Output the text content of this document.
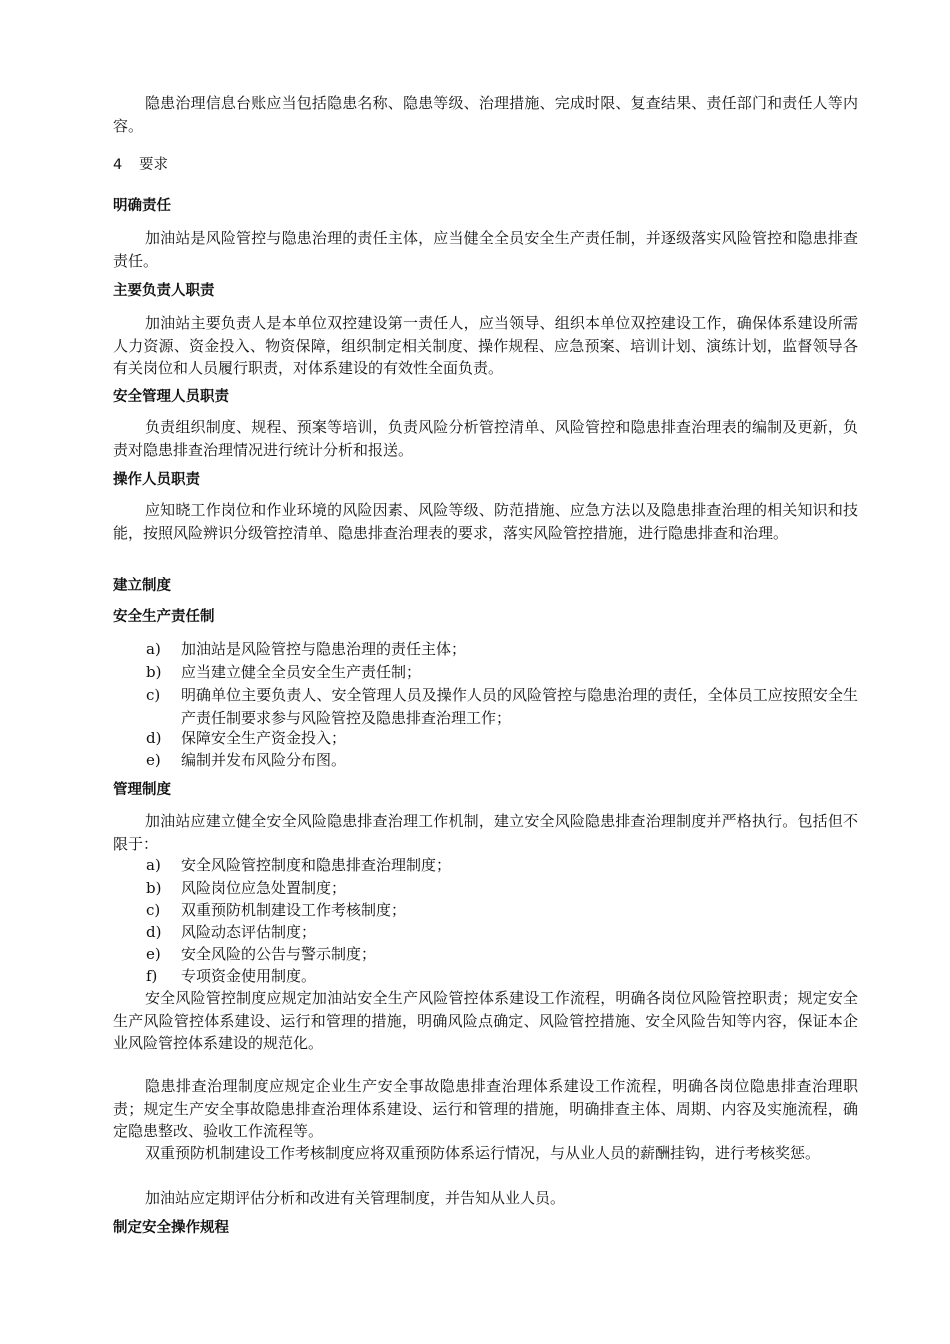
隐患治理信息台账应当包括隐患名称、隐患等级、治理措施、完成时限、复查结果、责任部门和责任人等内容。

4 要求
明确责任

加油站是风险管控与隐患治理的责任主体，应当健全全员安全生产责任制，并逐级落实风险管控和隐患排查责任。

主要负责人职责

加油站主要负责人是本单位双控建设第一责任人，应当领导、组织本单位双控建设工作，确保体系建设所需人力资源、资金投入、物资保障，组织制定相关制度、操作规程、应急预案、培训计划、演练计划，监督领导各有关岗位和人员履行职责，对体系建设的有效性全面负责。

安全管理人员职责

负责组织制度、规程、预案等培训，负责风险分析管控清单、风险管控和隐患排查治理表的编制及更新，负责对隐患排查治理情况进行统计分析和报送。

操作人员职责

应知晓工作岗位和作业环境的风险因素、风险等级、防范措施、应急方法以及隐患排查治理的相关知识和技能，按照风险辨识分级管控清单、隐患排查治理表的要求，落实风险管控措施，进行隐患排查和治理。

建立制度
安全生产责任制
a)	加油站是风险管控与隐患治理的责任主体；
b)	应当建立健全全员安全生产责任制；
c)	明确单位主要负责人、安全管理人员及操作人员的风险管控与隐患治理的责任，全体员工应按照安全生产责任制要求参与风险管控及隐患排查治理工作；
d)	保障安全生产资金投入；
e)	编制并发布风险分布图。
管理制度

加油站应建立健全安全风险隐患排查治理工作机制，建立安全风险隐患排查治理制度并严格执行。包括但不限于：

a)	安全风险管控制度和隐患排查治理制度；
b)	风险岗位应急处置制度；
c)	双重预防机制建设工作考核制度；
d)	风险动态评估制度；
e)	安全风险的公告与警示制度；
f)	专项资金使用制度。

安全风险管控制度应规定加油站安全生产风险管控体系建设工作流程，明确各岗位风险管控职责；规定安全生产风险管控体系建设、运行和管理的措施，明确风险点确定、风险管控措施、安全风险告知等内容，保证本企业风险管控体系建设的规范化。

隐患排查治理制度应规定企业生产安全事故隐患排查治理体系建设工作流程，明确各岗位隐患排查治理职责；规定生产安全事故隐患排查治理体系建设、运行和管理的措施，明确排查主体、周期、内容及实施流程，确定隐患整改、验收工作流程等。

双重预防机制建设工作考核制度应将双重预防体系运行情况，与从业人员的薪酬挂钩，进行考核奖惩。

加油站应定期评估分析和改进有关管理制度，并告知从业人员。

制定安全操作规程
